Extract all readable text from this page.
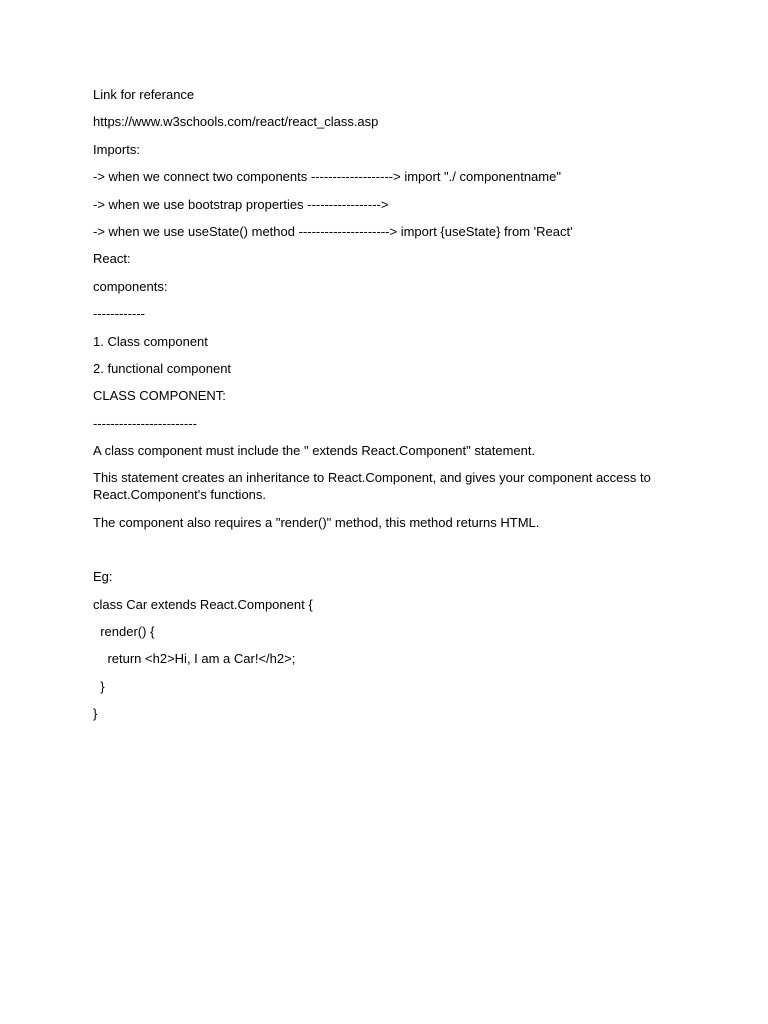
Link for referance

https://www.w3schools.com/react/react_class.asp

Imports:

-> when we connect two components -------------------> import "./ componentname"

-> when we use bootstrap properties ----------------->

-> when we use useState() method ---------------------> import {useState} from 'React'

React:

components:

------------

1. Class component

2. functional component

CLASS COMPONENT:

------------------------

A class component must include the " extends React.Component" statement.

This statement creates an inheritance to React.Component, and gives your component access to React.Component's functions.

The component also requires a "render()" method, this method returns HTML.

Eg:

class Car extends React.Component {

render() {

return <h2>Hi, I am a Car!</h2>;

}

}
